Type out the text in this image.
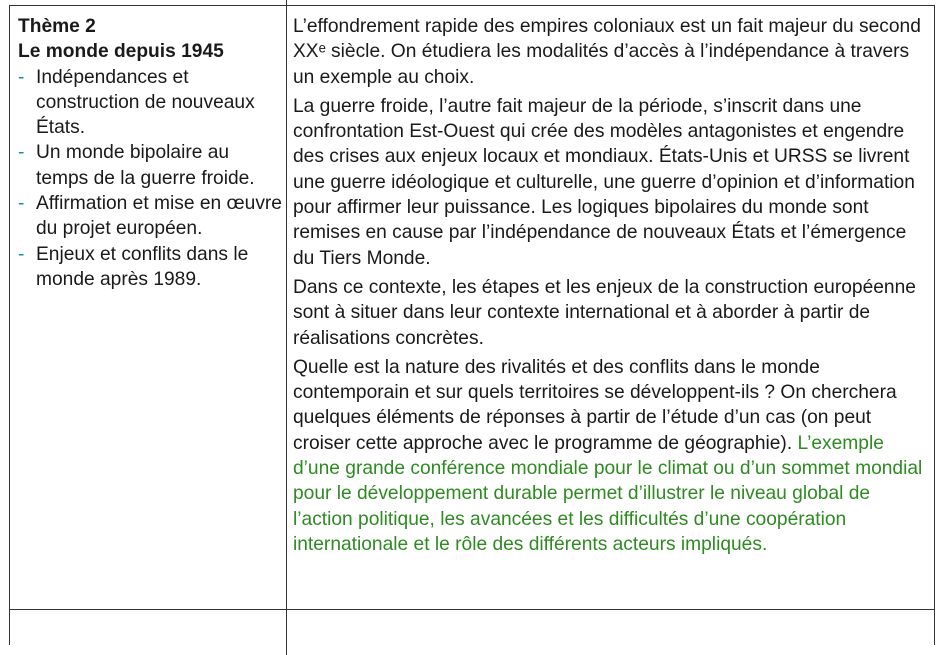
Thème 2
Le monde depuis 1945
- Indépendances et construction de nouveaux États.
- Un monde bipolaire au temps de la guerre froide.
- Affirmation et mise en œuvre du projet européen.
- Enjeux et conflits dans le monde après 1989.

L’effondrement rapide des empires coloniaux est un fait majeur du second XXᵉ siècle. On étudiera les modalités d’accès à l’indépendance à travers un exemple au choix.

La guerre froide, l’autre fait majeur de la période, s’inscrit dans une confrontation Est-Ouest qui crée des modèles antagonistes et engendre des crises aux enjeux locaux et mondiaux. États-Unis et URSS se livrent une guerre idéologique et culturelle, une guerre d’opinion et d’information pour affirmer leur puissance. Les logiques bipolaires du monde sont remises en cause par l’indépendance de nouveaux États et l’émergence du Tiers Monde.

Dans ce contexte, les étapes et les enjeux de la construction européenne sont à situer dans leur contexte international et à aborder à partir de réalisations concrètes.

Quelle est la nature des rivalités et des conflits dans le monde contemporain et sur quels territoires se développent-ils ? On cherchera quelques éléments de réponses à partir de l’étude d’un cas (on peut croiser cette approche avec le programme de géographie). L’exemple d’une grande conférence mondiale pour le climat ou d’un sommet mondial pour le développement durable permet d’illustrer le niveau global de l’action politique, les avancées et les difficultés d’une coopération internationale et le rôle des différents acteurs impliqués.
